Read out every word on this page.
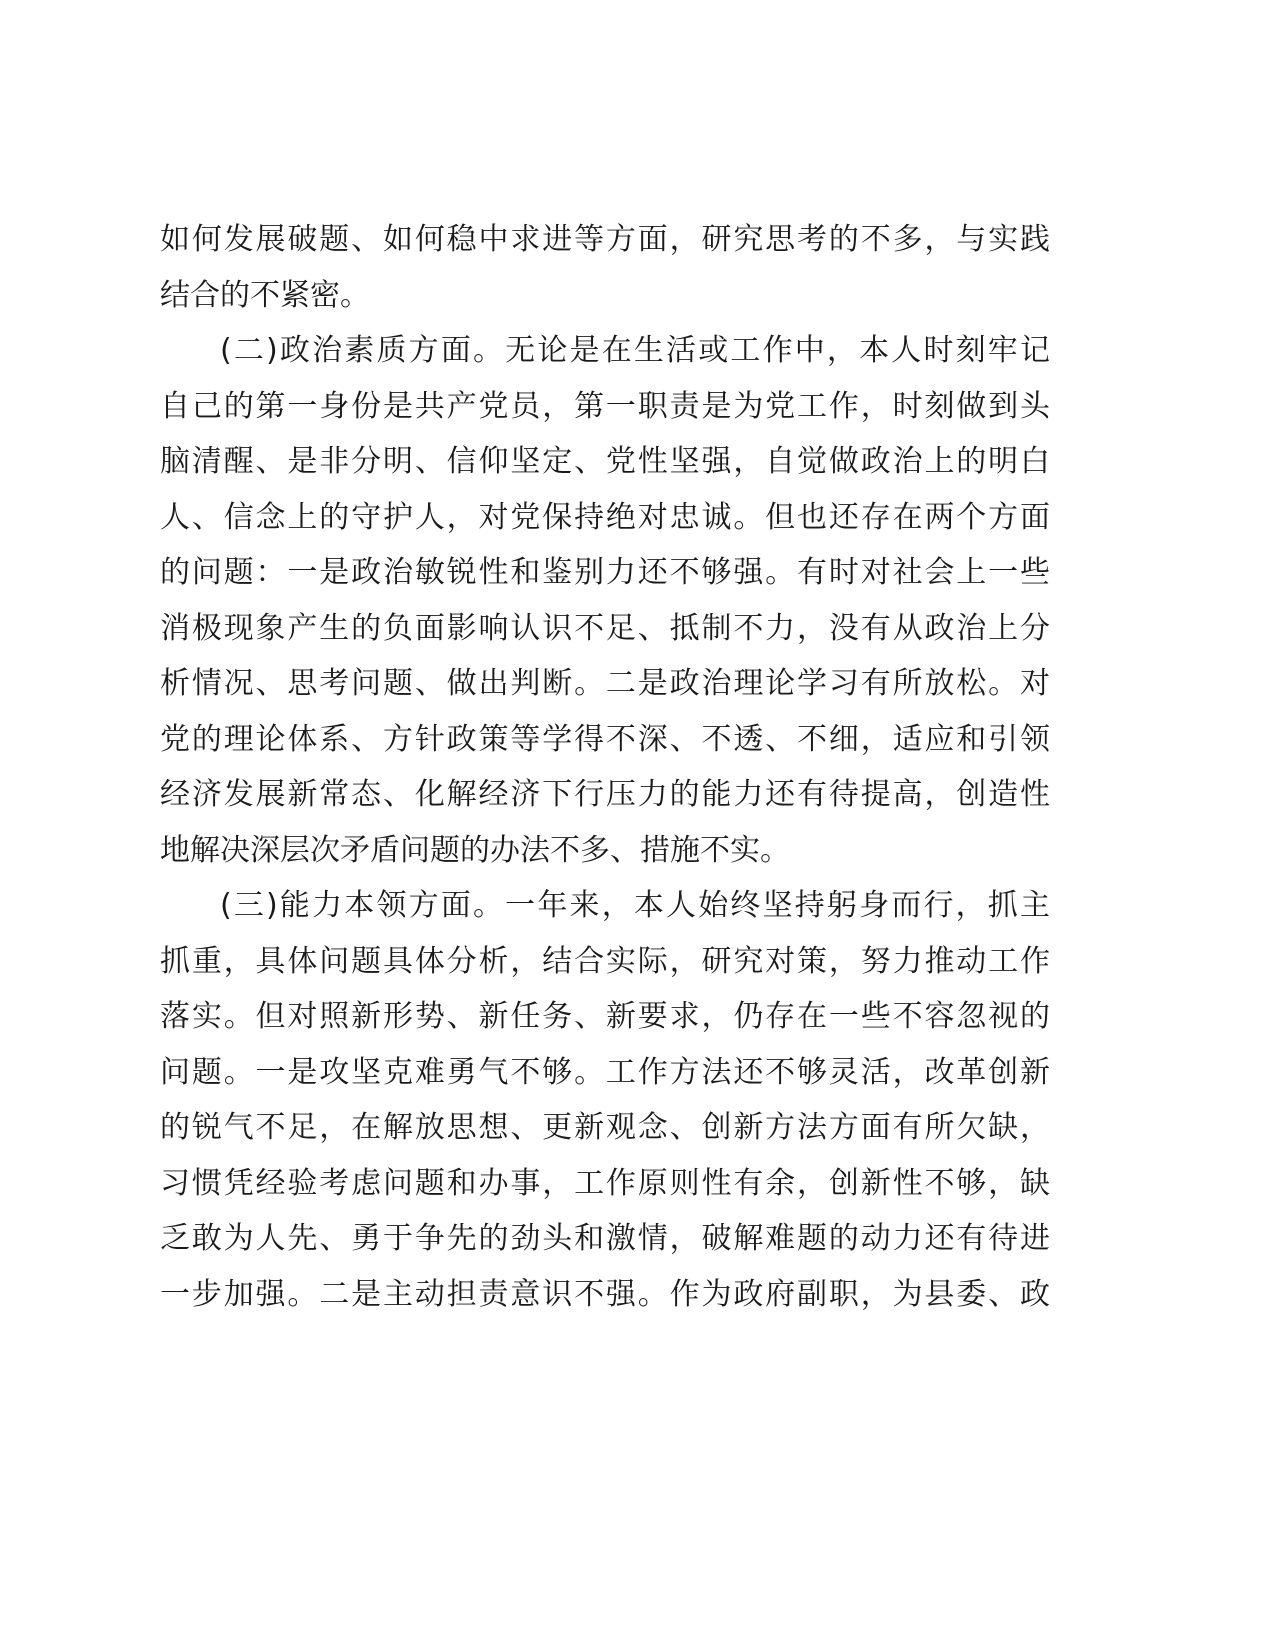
如何发展破题、如何稳中求进等方面，研究思考的不多，与实践
结合的不紧密。
(二)政治素质方面。无论是在生活或工作中，本人时刻牢记
自己的第一身份是共产党员，第一职责是为党工作，时刻做到头
脑清醒、是非分明、信仰坚定、党性坚强，自觉做政治上的明白
人、信念上的守护人，对党保持绝对忠诚。但也还存在两个方面
的问题：一是政治敏锐性和鉴别力还不够强。有时对社会上一些
消极现象产生的负面影响认识不足、抵制不力，没有从政治上分
析情况、思考问题、做出判断。二是政治理论学习有所放松。对
党的理论体系、方针政策等学得不深、不透、不细，适应和引领
经济发展新常态、化解经济下行压力的能力还有待提高，创造性
地解决深层次矛盾问题的办法不多、措施不实。
(三)能力本领方面。一年来，本人始终坚持躬身而行，抓主
抓重，具体问题具体分析，结合实际，研究对策，努力推动工作
落实。但对照新形势、新任务、新要求，仍存在一些不容忽视的
问题。一是攻坚克难勇气不够。工作方法还不够灵活，改革创新
的锐气不足，在解放思想、更新观念、创新方法方面有所欠缺，
习惯凭经验考虑问题和办事，工作原则性有余，创新性不够，缺
乏敢为人先、勇于争先的劲头和激情，破解难题的动力还有待进
一步加强。二是主动担责意识不强。作为政府副职，为县委、政
